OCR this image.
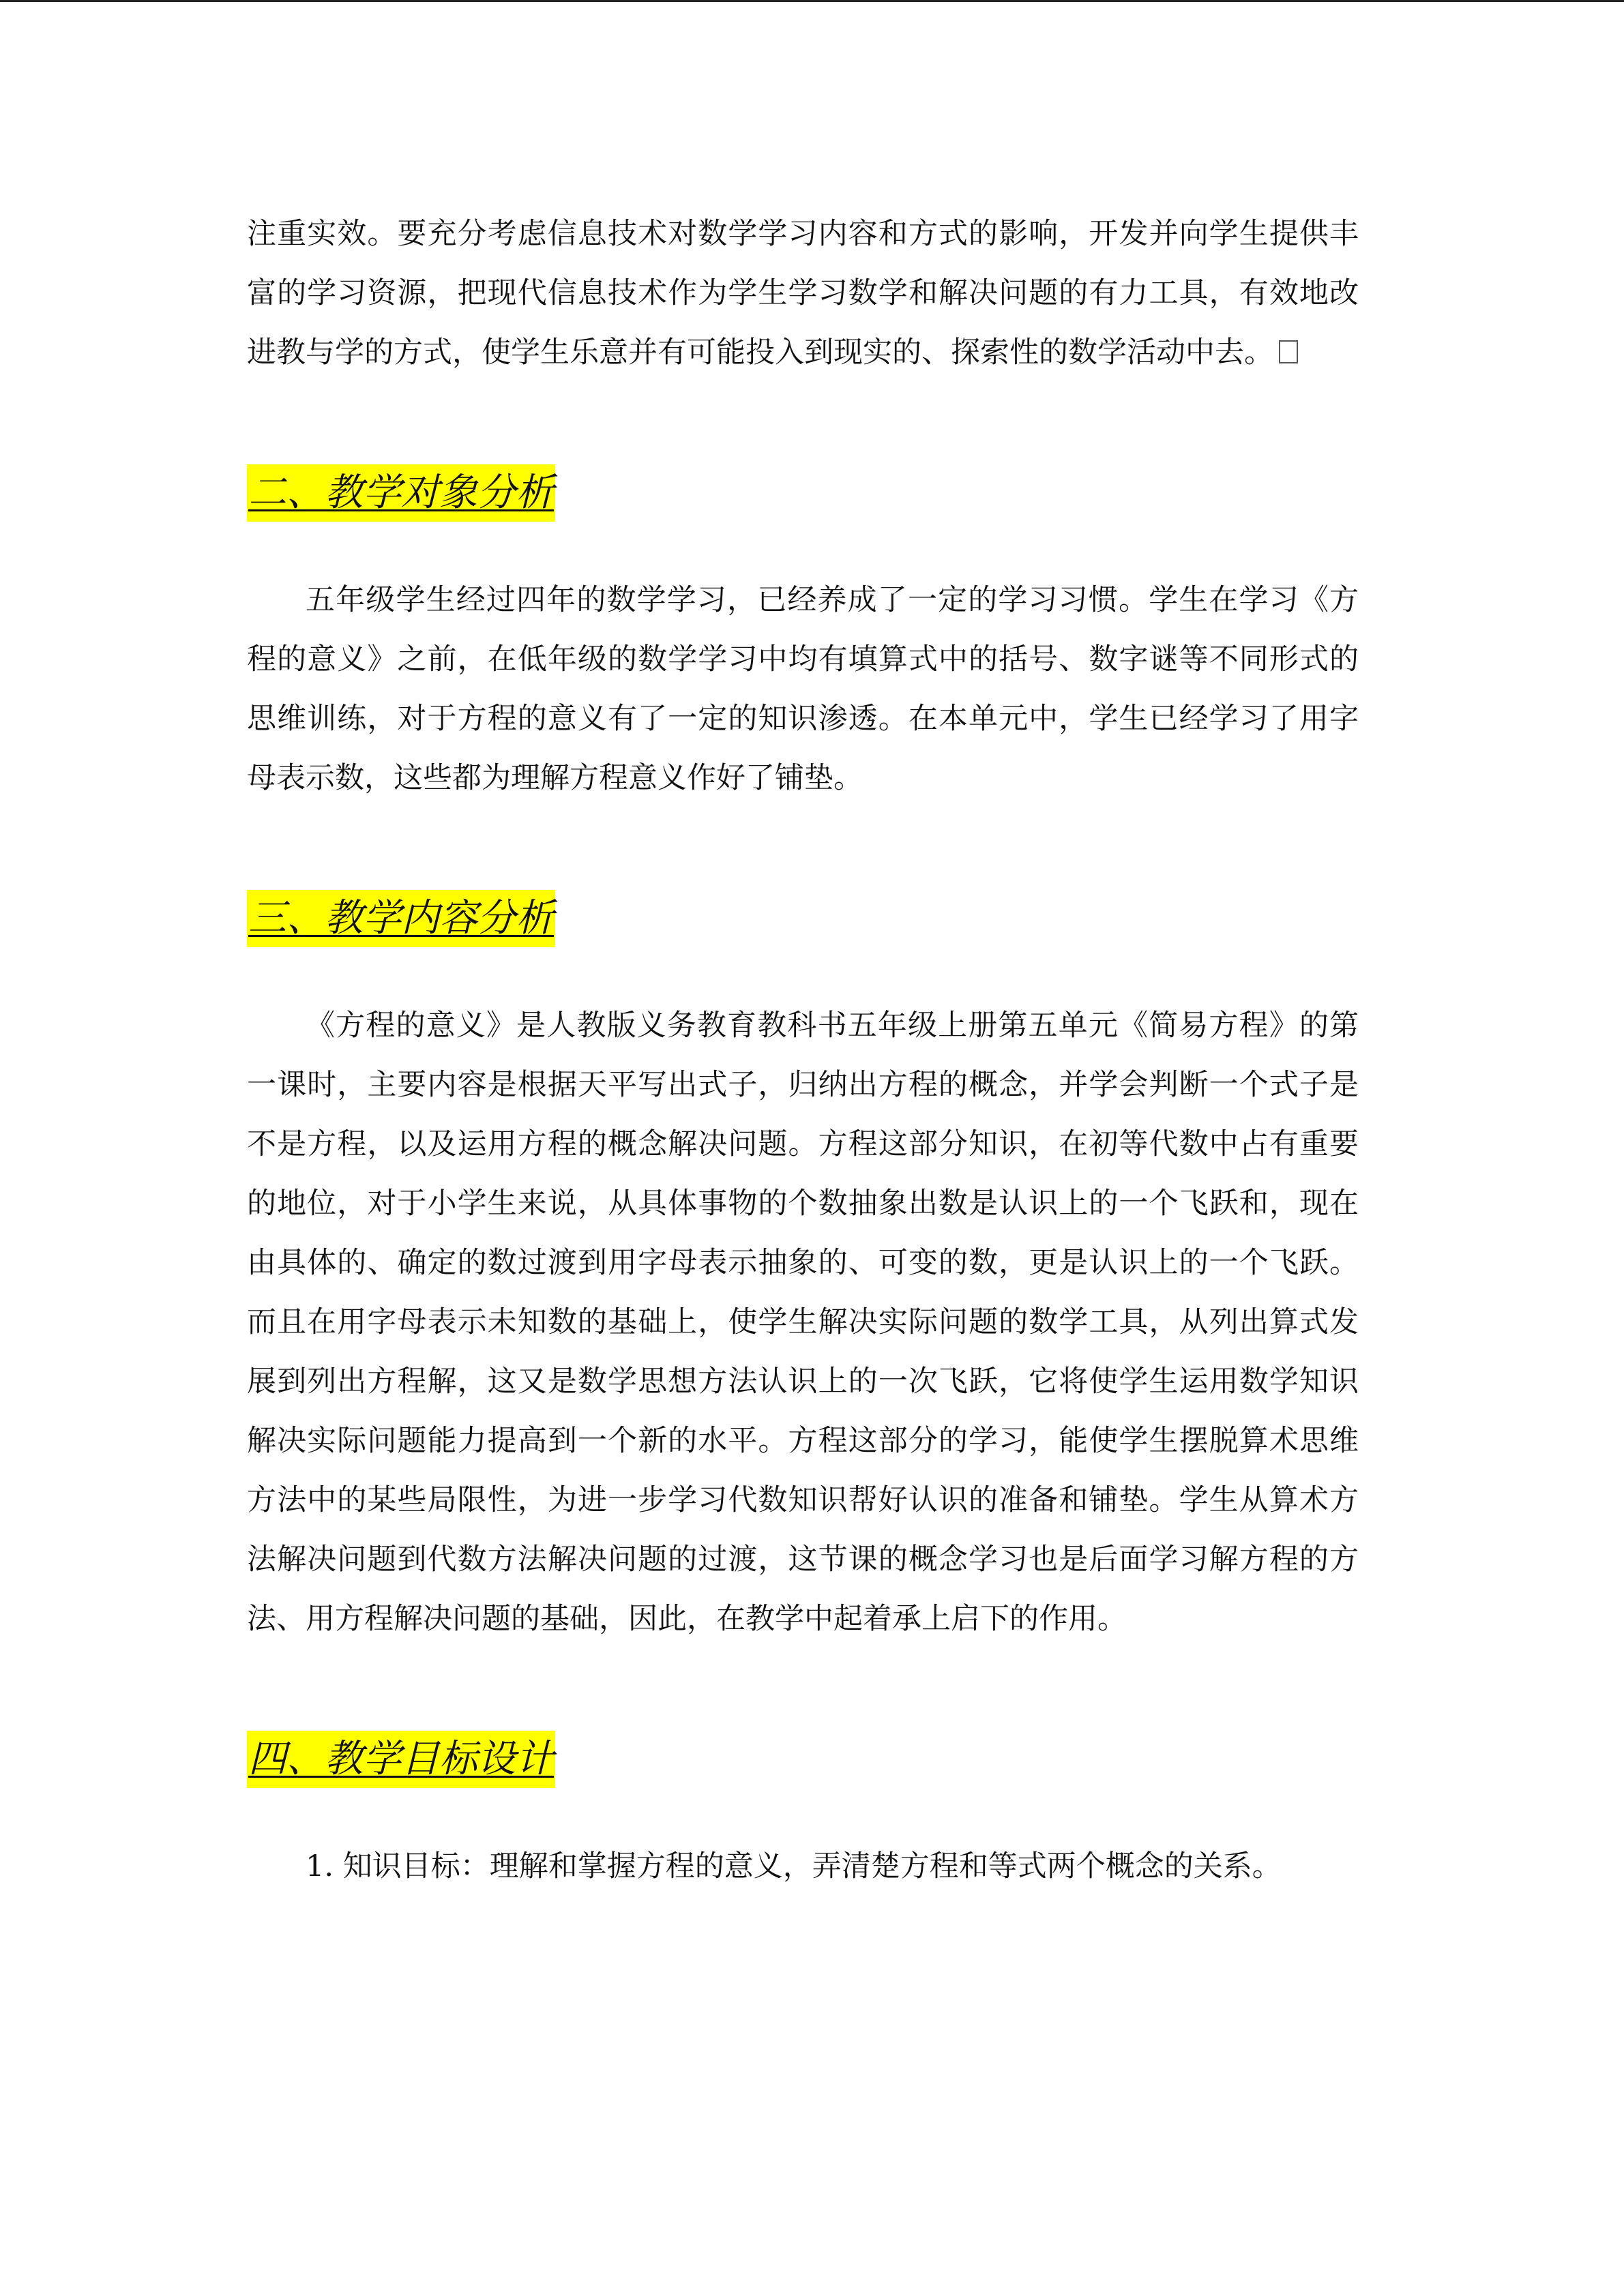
注重实效。要充分考虑信息技术对数学学习内容和方式的影响，开发并向学生提供丰富的学习资源，把现代信息技术作为学生学习数学和解决问题的有力工具，有效地改进教与学的方式，使学生乐意并有可能投入到现实的、探索性的数学活动中去。

二、教学对象分析

五年级学生经过四年的数学学习，已经养成了一定的学习习惯。学生在学习《方程的意义》之前，在低年级的数学学习中均有填算式中的括号、数字谜等不同形式的思维训练，对于方程的意义有了一定的知识渗透。在本单元中，学生已经学习了用字母表示数，这些都为理解方程意义作好了铺垫。

三、教学内容分析

《方程的意义》是人教版义务教育教科书五年级上册第五单元《简易方程》的第一课时，主要内容是根据天平写出式子，归纳出方程的概念，并学会判断一个式子是不是方程，以及运用方程的概念解决问题。方程这部分知识，在初等代数中占有重要的地位，对于小学生来说，从具体事物的个数抽象出数是认识上的一个飞跃和，现在由具体的、确定的数过渡到用字母表示抽象的、可变的数，更是认识上的一个飞跃。而且在用字母表示未知数的基础上，使学生解决实际问题的数学工具，从列出算式发展到列出方程解，这又是数学思想方法认识上的一次飞跃，它将使学生运用数学知识解决实际问题能力提高到一个新的水平。方程这部分的学习，能使学生摆脱算术思维方法中的某些局限性，为进一步学习代数知识帮好认识的准备和铺垫。学生从算术方法解决问题到代数方法解决问题的过渡，这节课的概念学习也是后面学习解方程的方法、用方程解决问题的基础，因此，在教学中起着承上启下的作用。

四、教学目标设计

1. 知识目标：理解和掌握方程的意义，弄清楚方程和等式两个概念的关系。
